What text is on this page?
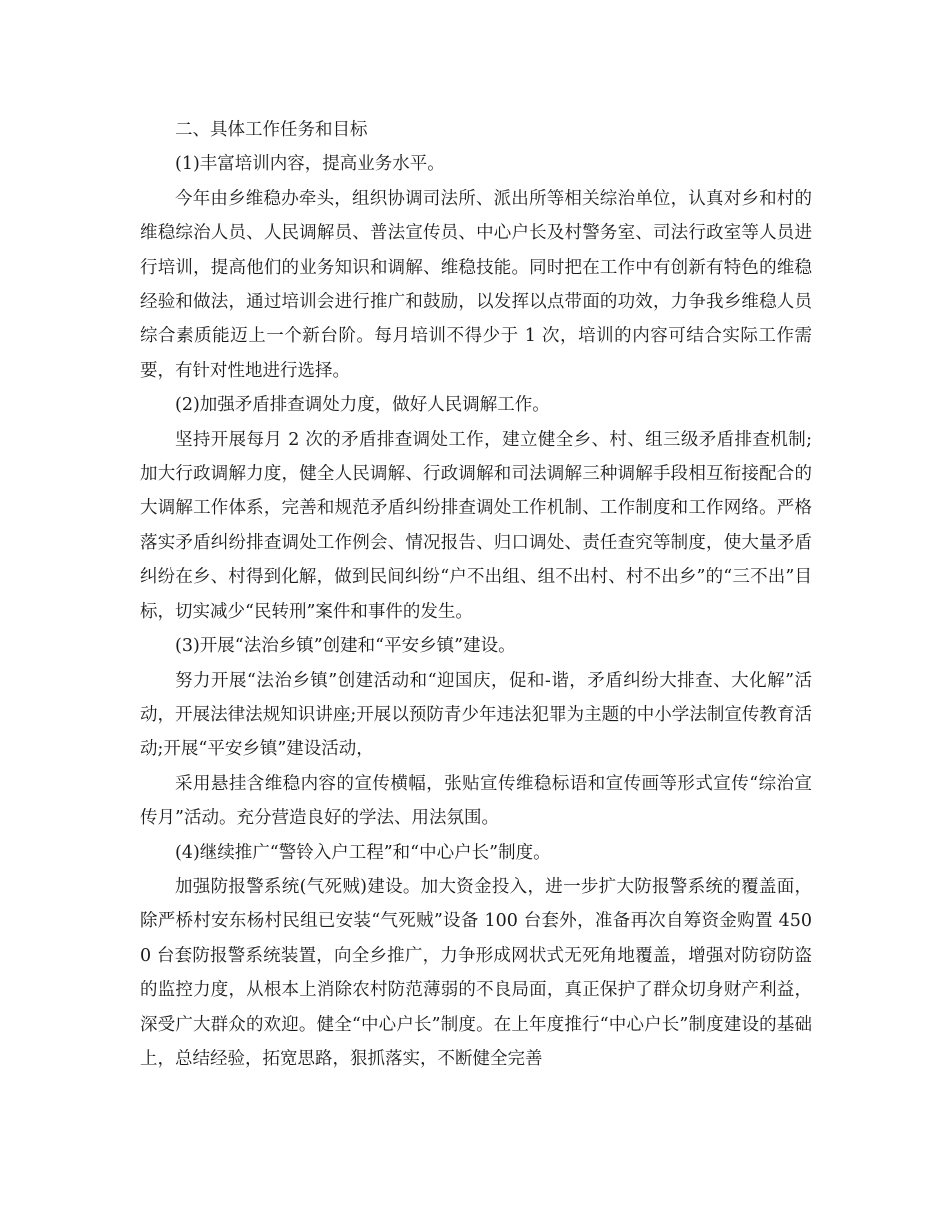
二、具体工作任务和目标

(1)丰富培训内容，提高业务水平。

今年由乡维稳办牵头，组织协调司法所、派出所等相关综治单位，认真对乡和村的维稳综治人员、人民调解员、普法宣传员、中心户长及村警务室、司法行政室等人员进行培训，提高他们的业务知识和调解、维稳技能。同时把在工作中有创新有特色的维稳经验和做法，通过培训会进行推广和鼓励，以发挥以点带面的功效，力争我乡维稳人员综合素质能迈上一个新台阶。每月培训不得少于 1 次，培训的内容可结合实际工作需要，有针对性地进行选择。

(2)加强矛盾排查调处力度，做好人民调解工作。

坚持开展每月 2 次的矛盾排查调处工作，建立健全乡、村、组三级矛盾排查机制;加大行政调解力度，健全人民调解、行政调解和司法调解三种调解手段相互衔接配合的大调解工作体系，完善和规范矛盾纠纷排查调处工作机制、工作制度和工作网络。严格落实矛盾纠纷排查调处工作例会、情况报告、归口调处、责任查究等制度，使大量矛盾纠纷在乡、村得到化解，做到民间纠纷“户不出组、组不出村、村不出乡”的“三不出”目标，切实减少“民转刑”案件和事件的发生。

(3)开展“法治乡镇”创建和“平安乡镇”建设。

努力开展“法治乡镇”创建活动和“迎国庆，促和-谐，矛盾纠纷大排查、大化解”活动，开展法律法规知识讲座;开展以预防青少年违法犯罪为主题的中小学法制宣传教育活动;开展“平安乡镇”建设活动，

采用悬挂含维稳内容的宣传横幅，张贴宣传维稳标语和宣传画等形式宣传“综治宣传月”活动。充分营造良好的学法、用法氛围。

(4)继续推广“警铃入户工程”和“中心户长”制度。

加强防报警系统(气死贼)建设。加大资金投入，进一步扩大防报警系统的覆盖面，除严桥村安东杨村民组已安装“气死贼”设备 100 台套外，准备再次自筹资金购置 4500 台套防报警系统装置，向全乡推广，力争形成网状式无死角地覆盖，增强对防窃防盗的监控力度，从根本上消除农村防范薄弱的不良局面，真正保护了群众切身财产利益，深受广大群众的欢迎。健全“中心户长”制度。在上年度推行“中心户长”制度建设的基础上，总结经验，拓宽思路，狠抓落实，不断健全完善
